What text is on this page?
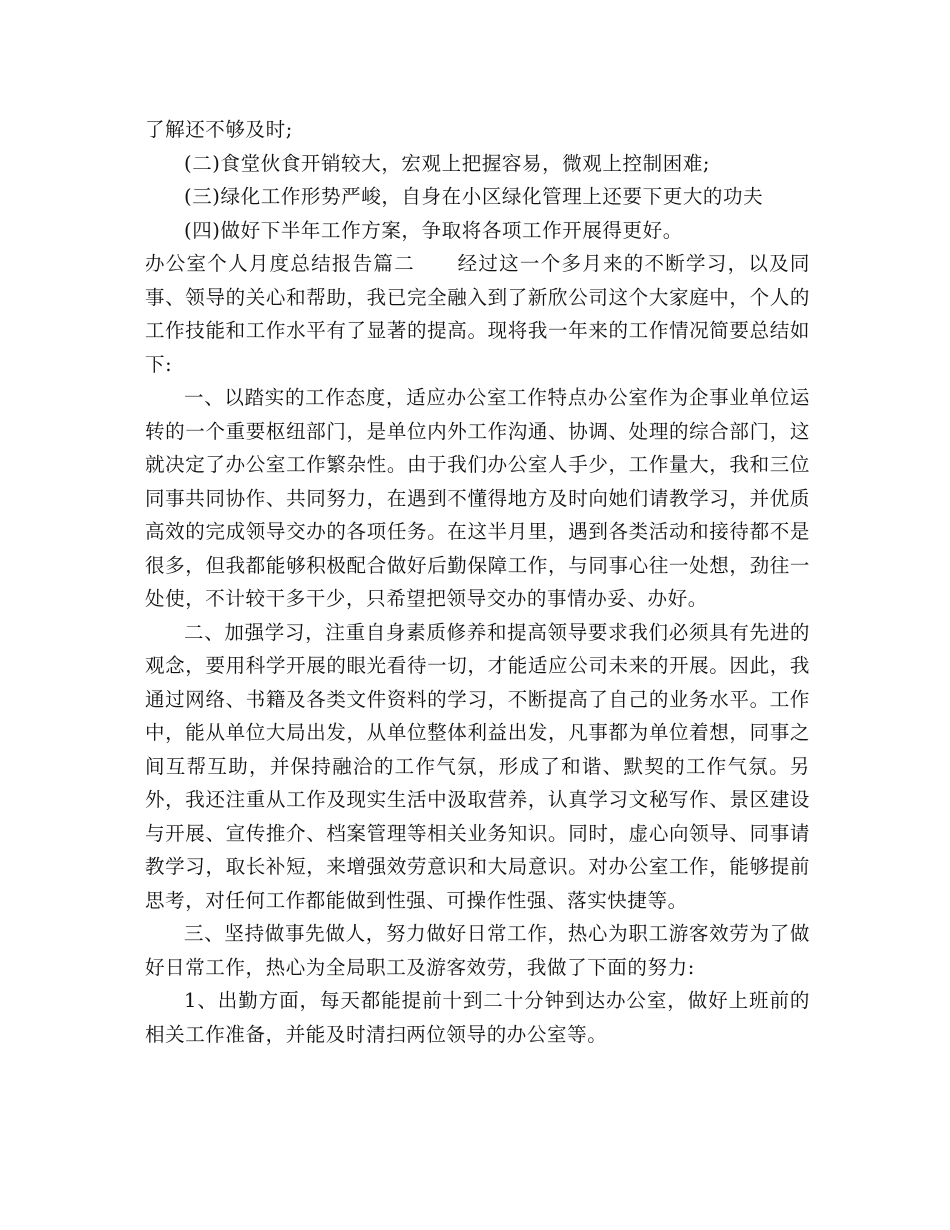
了解还不够及时;

(二)食堂伙食开销较大，宏观上把握容易，微观上控制困难;

(三)绿化工作形势严峻，自身在小区绿化管理上还要下更大的功夫

(四)做好下半年工作方案，争取将各项工作开展得更好。

办公室个人月度总结报告篇二 经过这一个多月来的不断学习，以及同事、领导的关心和帮助，我已完全融入到了新欣公司这个大家庭中，个人的工作技能和工作水平有了显著的提高。现将我一年来的工作情况简要总结如下:

一、以踏实的工作态度，适应办公室工作特点办公室作为企事业单位运转的一个重要枢纽部门，是单位内外工作沟通、协调、处理的综合部门，这就决定了办公室工作繁杂性。由于我们办公室人手少，工作量大，我和三位同事共同协作、共同努力，在遇到不懂得地方及时向她们请教学习，并优质高效的完成领导交办的各项任务。在这半月里，遇到各类活动和接待都不是很多，但我都能够积极配合做好后勤保障工作，与同事心往一处想，劲往一处使，不计较干多干少，只希望把领导交办的事情办妥、办好。

二、加强学习，注重自身素质修养和提高领导要求我们必须具有先进的观念，要用科学开展的眼光看待一切，才能适应公司未来的开展。因此，我通过网络、书籍及各类文件资料的学习，不断提高了自己的业务水平。工作中，能从单位大局出发，从单位整体利益出发，凡事都为单位着想，同事之间互帮互助，并保持融洽的工作气氛，形成了和谐、默契的工作气氛。另外，我还注重从工作及现实生活中汲取营养，认真学习文秘写作、景区建设与开展、宣传推介、档案管理等相关业务知识。同时，虚心向领导、同事请教学习，取长补短，来增强效劳意识和大局意识。对办公室工作，能够提前思考，对任何工作都能做到性强、可操作性强、落实快捷等。

三、坚持做事先做人，努力做好日常工作，热心为职工游客效劳为了做好日常工作，热心为全局职工及游客效劳，我做了下面的努力:

1、出勤方面，每天都能提前十到二十分钟到达办公室，做好上班前的相关工作准备，并能及时清扫两位领导的办公室等。
